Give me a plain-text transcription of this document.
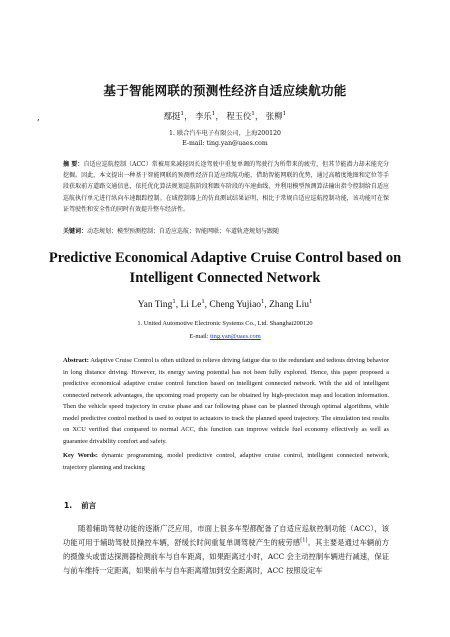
,
基于智能网联的预测性经济自适应续航功能
鄢挺$^1$， 李乐$^1$， 程玉佼$^1$， 张柳$^1$
1. 联合汽车电子有限公司，上海200120
E-mail: ting.yan@uaes.com
摘 要：自适应巡航控制（ACC）常被用来减轻因长途驾驶中重复单调的驾驶行为所带来的疲劳，但其节能潜力却未能充分挖掘。因此，本文提出一种基于智能网联的预测性经济自适应续航功能，借助智能网联的优势，通过高精度地图和定位等手段获取前方道路交通信息，依托优化算法规划巡航阶段和跟车阶段的车速曲线，并利用模型预测算法输出指令控制给自适应巡航执行单元进行纵向车速跟踪控制。在域控制器上的仿真测试结果证明，相比于常规自适应巡航控制功能，该功能可在保证驾驶性和安全性的同时有效提升整车经济性。
关键词：动态规划；模型预测控制；自适应巡航；智能网联；车道轨迹规划与跟随
Predictive Economical Adaptive Cruise Control based on Intelligent Connected Network
Yan Ting$^1$, Li Le$^1$, Cheng Yujiao$^1$, Zhang Liu$^1$
1. United Automotive Electronic Systems Co., Ltd. Shanghai200120
E-mail: ting.yan@uaes.com
Abstract: Adaptive Cruise Control is often utilized to relieve driving fatigue due to the redundant and tedious driving behavior in long distance driving. However, its energy saving potential has not been fully explored. Hence, this paper proposed a predictive economical adaptive cruise control function based on intelligent connected network. With the aid of intelligent connected network advantages, the upcoming road property can be obtained by high-precision map and location information. Then the vehicle speed trajectory in cruise phase and car following phase can be planned through optimal algorithms, while model predictive control method is used to output to actuators to track the planned speed trajectory. The simulation test results on XCU verified that compared to normal ACC, this function can improve vehicle fuel economy effectively as well as guarantee drivability comfort and safety.
Key Words: dynamic programming, model predictive control, adaptive cruise control, intelligent connected network, trajectory planning and tracking
1. 前言
随着辅助驾驶功能的逐渐广泛应用，市面上很多车型都配备了自适应巡航控制功能（ACC），该功能可用于辅助驾驶员操控车辆，舒缓长时间重复单调驾驶产生的疲劳感[1]。其主要是通过车辆前方的摄像头或雷达探测器检测前车与自车距离，如果距离过小时，ACC 会主动控制车辆进行减速，保证与前车维持一定距离，如果前车与自车距离增加到安全距离时，ACC 按照设定车
